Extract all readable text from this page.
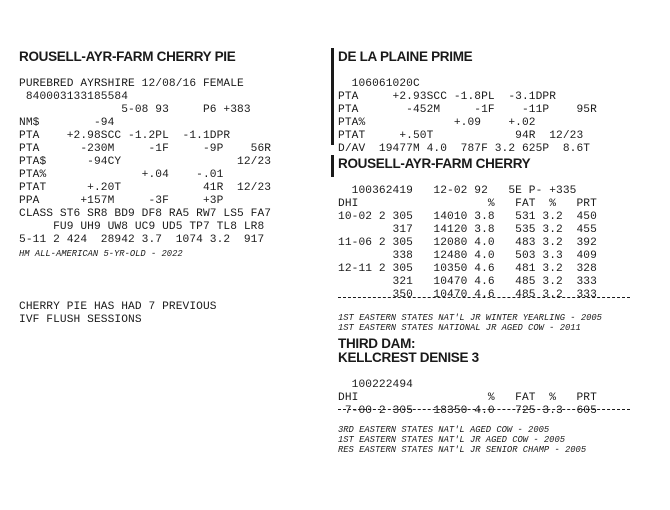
ROUSELL-AYR-FARM CHERRY PIE

PUREBRED AYRSHIRE 12/08/16 FEMALE
840003133185584
5-08 93     P6 +383
NM$        -94
PTA    +2.98SCC -1.2PL  -1.1DPR
PTA      -230M     -1F     -9P    56R
PTA$      -94CY                 12/23
PTA%              +.04    -.01
PTAT      +.20T            41R  12/23
PPA      +157M     -3F     +3P
CLASS ST6 SR8 BD9 DF8 RA5 RW7 LS5 FA7
FU9 UH9 UW8 UC9 UD5 TP7 TL8 LR8
5-11 2 424  28942 3.7  1074 3.2  917

HM ALL-AMERICAN 5-YR-OLD - 2022

CHERRY PIE HAS HAD 7 PREVIOUS
IVF FLUSH SESSIONS

DE LA PLAINE PRIME

106061020C
PTA     +2.93SCC -1.8PL  -3.1DPR
PTA       -452M     -1F    -11P    95R
PTA%             +.09    +.02
PTAT     +.50T            94R  12/23
D/AV  19477M 4.0  787F 3.2 625P  8.6T

ROUSELL-AYR-FARM CHERRY

100362419   12-02 92   5E P- +335
DHI                   %   FAT  %   PRT
10-02 2 305   14010 3.8   531 3.2  450
317   14120 3.8   535 3.2  455
11-06 2 305   12080 4.0   483 3.2  392
338   12480 4.0   503 3.3  409
12-11 2 305   10350 4.6   481 3.2  328
321   10470 4.6   485 3.2  333
350   10470 4.6   485 3.2  333

1ST EASTERN STATES NAT'L JR WINTER YEARLING - 2005
1ST EASTERN STATES NATIONAL JR AGED COW - 2011

THIRD DAM:
KELLCREST DENISE 3

100222494
DHI                   %   FAT  %   PRT
7-00 2 305   18350 4.0   725 3.3  605

3RD EASTERN STATES NAT'L AGED COW - 2005
1ST EASTERN STATES NAT'L JR AGED COW - 2005
RES EASTERN STATES NAT'L JR SENIOR CHAMP - 2005
